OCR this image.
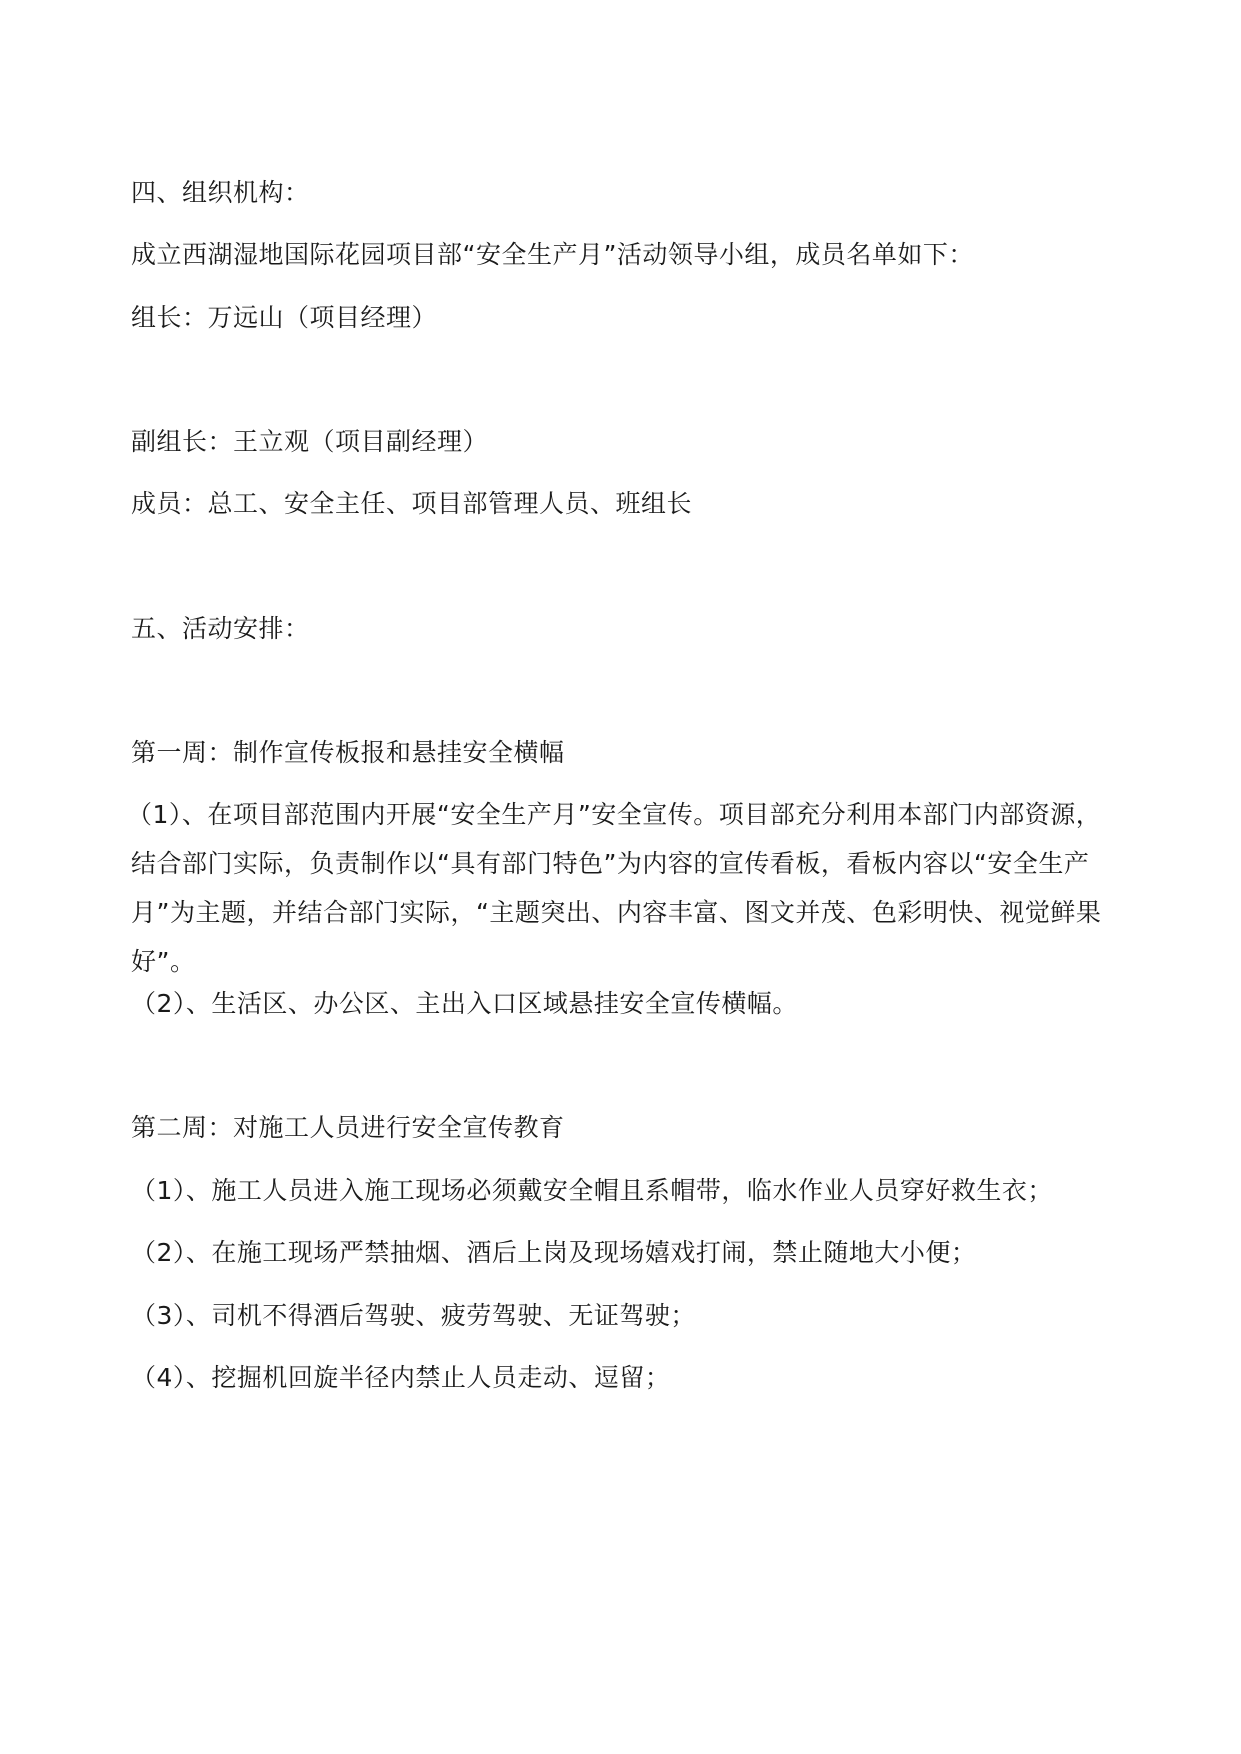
四、组织机构：

成立西湖湿地国际花园项目部“安全生产月”活动领导小组，成员名单如下：

组长：万远山（项目经理）

副组长：王立观（项目副经理）

成员：总工、安全主任、项目部管理人员、班组长

五、活动安排：

第一周：制作宣传板报和悬挂安全横幅

（1）、在项目部范围内开展“安全生产月”安全宣传。项目部充分利用本部门内部资源，结合部门实际，负责制作以“具有部门特色”为内容的宣传看板，看板内容以“安全生产月”为主题，并结合部门实际，“主题突出、内容丰富、图文并茂、色彩明快、视觉鲜果好”。

（2）、生活区、办公区、主出入口区域悬挂安全宣传横幅。

第二周：对施工人员进行安全宣传教育

（1）、施工人员进入施工现场必须戴安全帽且系帽带，临水作业人员穿好救生衣；

（2）、在施工现场严禁抽烟、酒后上岗及现场嬉戏打闹，禁止随地大小便；

（3）、司机不得酒后驾驶、疲劳驾驶、无证驾驶；

（4）、挖掘机回旋半径内禁止人员走动、逗留；
